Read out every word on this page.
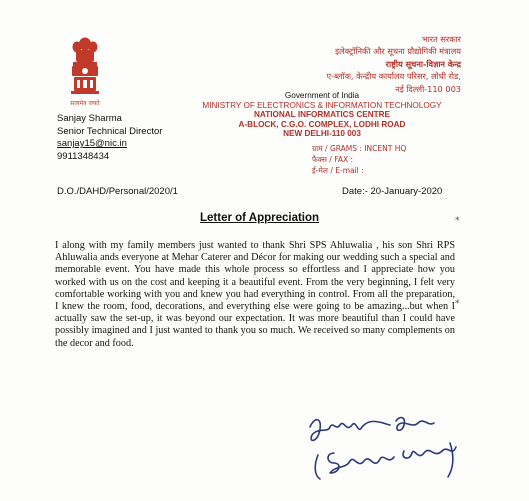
सत्यमेव जयते
Sanjay Sharma
Senior Technical Director
sanjay15@nic.in
9911348434
भारत सरकार
इलेक्ट्रॉनिकी और सूचना प्रौद्योगिकी मंत्रालय
राष्ट्रीय सूचना-विज्ञान केन्द्र
ए-ब्लॉक, केन्द्रीय कार्यालय परिसर, लोधी रोड,
नई दिल्ली-110 003
Government of India
MINISTRY OF ELECTRONICS & INFORMATION TECHNOLOGY
NATIONAL INFORMATICS CENTRE
A-BLOCK, C.G.O. COMPLEX, LODHI ROAD
NEW DELHI-110 003
ग्राम / GRAMS : INCENT HQ
फैक्स / FAX :
ई-मेल / E-mail :
D.O./DAHD/Personal/2020/1	Date:- 20-January-2020
Letter of Appreciation
I along with my family members just wanted to thank Shri SPS Ahluwalia , his son Shri RPS Ahluwalia ands everyone at Mehar Caterer and Décor for making our wedding such a special and memorable event. You have made this whole process so effortless and I appreciate how you worked with us on the cost and keeping it a beautiful event. From the very beginning, I felt very comfortable working with you and knew you had everything in control. From all the preparation, I knew the room, food, decorations, and everything else were going to be amazing...but when I actually saw the set-up, it was beyond our expectation. It was more beautiful than I could have possibly imagined and I just wanted to thank you so much. We received so many complements on the decor and food.
⁎
⁎
